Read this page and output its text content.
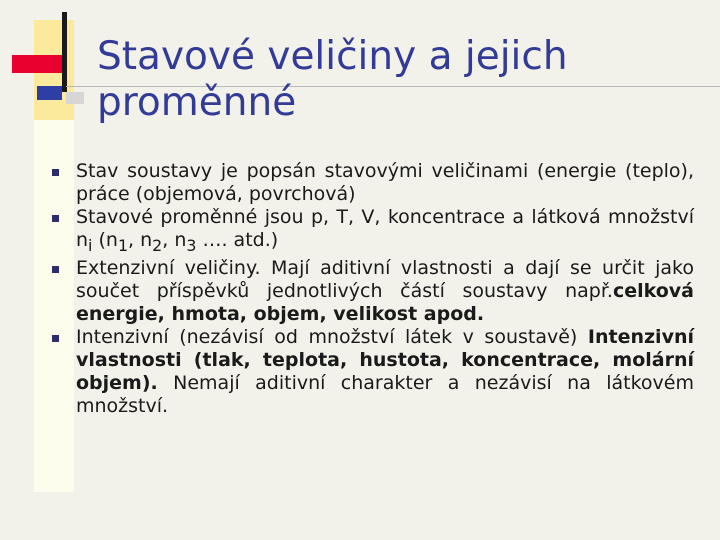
Stavové veličiny a jejich
proměnné
Stav soustavy je popsán stavovými veličinami (energie (teplo), práce (objemová, povrchová)
Stavové proměnné jsou p, T, V, koncentrace a látková množství $n_i$ ($n_1$, $n_2$, $n_3$ …. atd.)
Extenzivní veličiny. Mají aditivní vlastnosti a dají se určit jako součet příspěvků jednotlivých částí soustavy např.celková energie, hmota, objem, velikost apod.
Intenzivní (nezávisí od množství látek v soustavě) Intenzivní vlastnosti (tlak, teplota, hustota, koncentrace, molární objem). Nemají aditivní charakter a nezávisí na látkovém množství.
